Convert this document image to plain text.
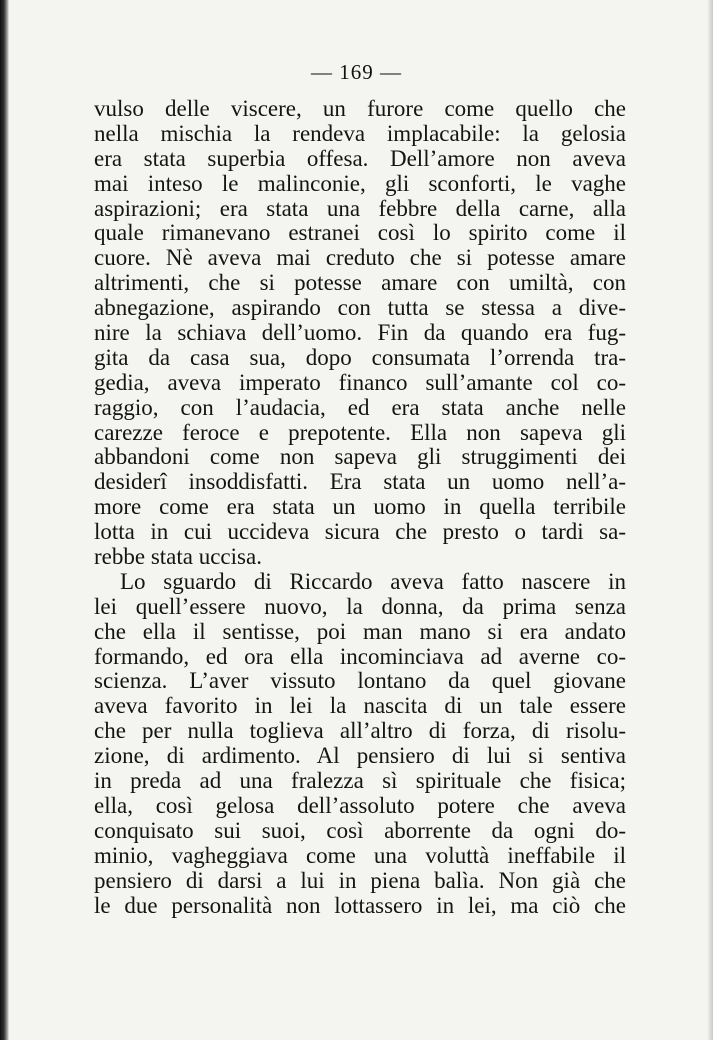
— 169 —
vulso delle viscere, un furore come quello che
nella mischia la rendeva implacabile: la gelosia
era stata superbia offesa. Dell’amore non aveva
mai inteso le malinconie, gli sconforti, le vaghe
aspirazioni; era stata una febbre della carne, alla
quale rimanevano estranei così lo spirito come il
cuore. Nè aveva mai creduto che si potesse amare
altrimenti, che si potesse amare con umiltà, con
abnegazione, aspirando con tutta se stessa a dive-
nire la schiava dell’uomo. Fin da quando era fug-
gita da casa sua, dopo consumata l’orrenda tra-
gedia, aveva imperato financo sull’amante col co-
raggio, con l’audacia, ed era stata anche nelle
carezze feroce e prepotente. Ella non sapeva gli
abbandoni come non sapeva gli struggimenti dei
desiderî insoddisfatti. Era stata un uomo nell’a-
more come era stata un uomo in quella terribile
lotta in cui uccideva sicura che presto o tardi sa-
rebbe stata uccisa.
Lo sguardo di Riccardo aveva fatto nascere in
lei quell’essere nuovo, la donna, da prima senza
che ella il sentisse, poi man mano si era andato
formando, ed ora ella incominciava ad averne co-
scienza. L’aver vissuto lontano da quel giovane
aveva favorito in lei la nascita di un tale essere
che per nulla toglieva all’altro di forza, di risolu-
zione, di ardimento. Al pensiero di lui si sentiva
in preda ad una fralezza sì spirituale che fisica;
ella, così gelosa dell’assoluto potere che aveva
conquisato sui suoi, così aborrente da ogni do-
minio, vagheggiava come una voluttà ineffabile il
pensiero di darsi a lui in piena balìa. Non già che
le due personalità non lottassero in lei, ma ciò che
